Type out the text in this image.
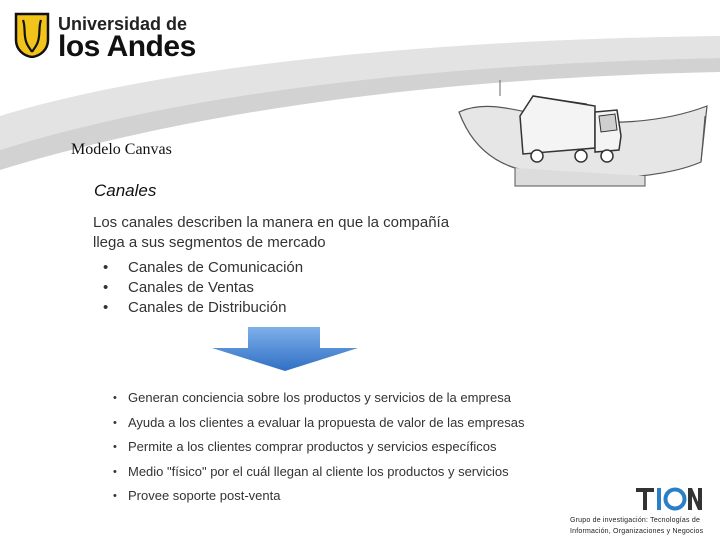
Universidad de
los Andes
Modelo Canvas
Canales
Los canales describen la manera en que la compañía
llega a sus segmentos de mercado
• Canales de Comunicación
• Canales de Ventas
• Canales de Distribución
• Generan conciencia sobre los productos y servicios de la empresa
• Ayuda a los clientes a evaluar la propuesta de valor de las empresas
• Permite a los clientes comprar productos y servicios específicos
• Medio "físico" por el cuál llegan al cliente los productos y servicios
• Provee soporte post-venta
Grupo de investigación: Tecnologías de
Información, Organizaciones y Negocios
